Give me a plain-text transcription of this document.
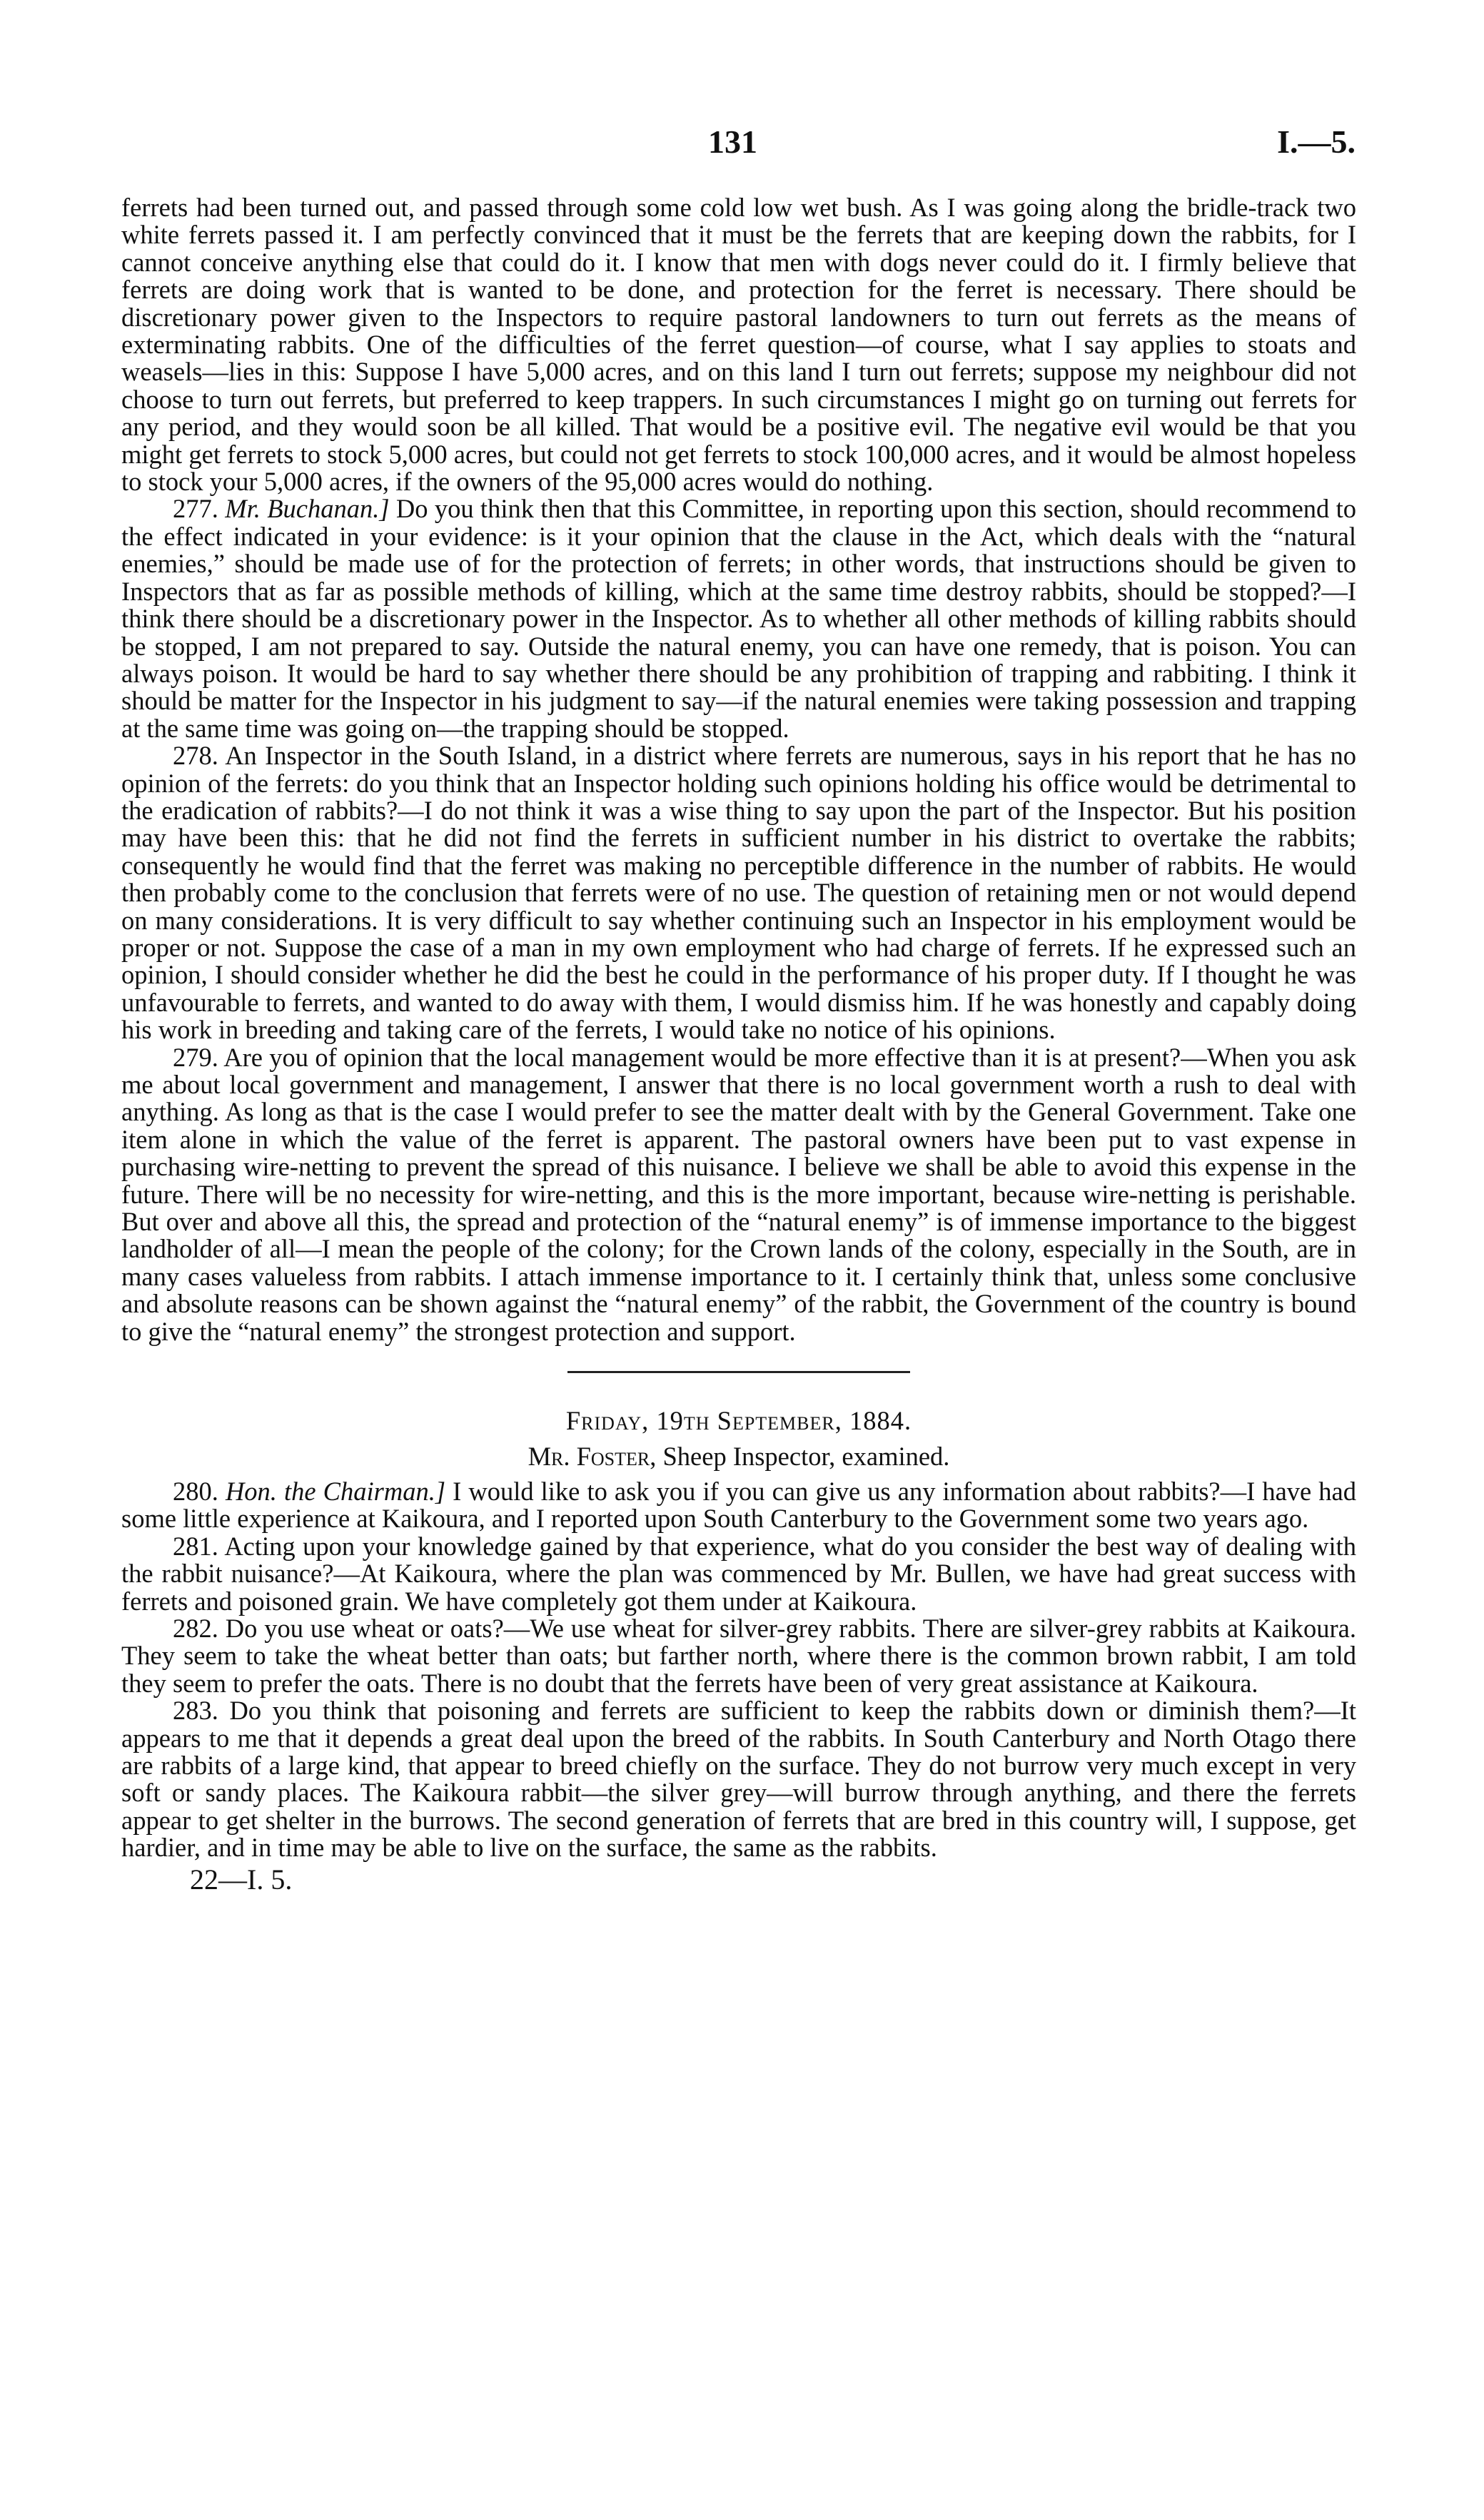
131	I.—5.

ferrets had been turned out, and passed through some cold low wet bush. As I was going along the bridle-track two white ferrets passed it. I am perfectly convinced that it must be the ferrets that are keeping down the rabbits, for I cannot conceive anything else that could do it. I know that men with dogs never could do it. I firmly believe that ferrets are doing work that is wanted to be done, and protection for the ferret is necessary. There should be discretionary power given to the Inspectors to require pastoral landowners to turn out ferrets as the means of exterminating rabbits. One of the difficulties of the ferret question—of course, what I say applies to stoats and weasels—lies in this: Suppose I have 5,000 acres, and on this land I turn out ferrets; suppose my neighbour did not choose to turn out ferrets, but preferred to keep trappers. In such circumstances I might go on turning out ferrets for any period, and they would soon be all killed. That would be a positive evil. The negative evil would be that you might get ferrets to stock 5,000 acres, but could not get ferrets to stock 100,000 acres, and it would be almost hopeless to stock your 5,000 acres, if the owners of the 95,000 acres would do nothing.

277. Mr. Buchanan.] Do you think then that this Committee, in reporting upon this section, should recommend to the effect indicated in your evidence: is it your opinion that the clause in the Act, which deals with the “natural enemies,” should be made use of for the protection of ferrets; in other words, that instructions should be given to Inspectors that as far as possible methods of killing, which at the same time destroy rabbits, should be stopped?—I think there should be a discretionary power in the Inspector. As to whether all other methods of killing rabbits should be stopped, I am not prepared to say. Outside the natural enemy, you can have one remedy, that is poison. You can always poison. It would be hard to say whether there should be any prohibition of trapping and rabbiting. I think it should be matter for the Inspector in his judgment to say—if the natural enemies were taking possession and trapping at the same time was going on—the trapping should be stopped.

278. An Inspector in the South Island, in a district where ferrets are numerous, says in his report that he has no opinion of the ferrets: do you think that an Inspector holding such opinions holding his office would be detrimental to the eradication of rabbits?—I do not think it was a wise thing to say upon the part of the Inspector. But his position may have been this: that he did not find the ferrets in sufficient number in his district to overtake the rabbits; consequently he would find that the ferret was making no perceptible difference in the number of rabbits. He would then probably come to the conclusion that ferrets were of no use. The question of retaining men or not would depend on many considerations. It is very difficult to say whether continuing such an Inspector in his employment would be proper or not. Suppose the case of a man in my own employment who had charge of ferrets. If he expressed such an opinion, I should consider whether he did the best he could in the performance of his proper duty. If I thought he was unfavourable to ferrets, and wanted to do away with them, I would dismiss him. If he was honestly and capably doing his work in breeding and taking care of the ferrets, I would take no notice of his opinions.

279. Are you of opinion that the local management would be more effective than it is at present?—When you ask me about local government and management, I answer that there is no local government worth a rush to deal with anything. As long as that is the case I would prefer to see the matter dealt with by the General Government. Take one item alone in which the value of the ferret is apparent. The pastoral owners have been put to vast expense in purchasing wire-netting to prevent the spread of this nuisance. I believe we shall be able to avoid this expense in the future. There will be no necessity for wire-netting, and this is the more important, because wire-netting is perishable. But over and above all this, the spread and protection of the “natural enemy” is of immense importance to the biggest landholder of all—I mean the people of the colony; for the Crown lands of the colony, especially in the South, are in many cases valueless from rabbits. I attach immense importance to it. I certainly think that, unless some conclusive and absolute reasons can be shown against the “natural enemy” of the rabbit, the Government of the country is bound to give the “natural enemy” the strongest protection and support.

Friday, 19th September, 1884.

Mr. Foster, Sheep Inspector, examined.

280. Hon. the Chairman.] I would like to ask you if you can give us any information about rabbits?—I have had some little experience at Kaikoura, and I reported upon South Canterbury to the Government some two years ago.

281. Acting upon your knowledge gained by that experience, what do you consider the best way of dealing with the rabbit nuisance?—At Kaikoura, where the plan was commenced by Mr. Bullen, we have had great success with ferrets and poisoned grain. We have completely got them under at Kaikoura.

282. Do you use wheat or oats?—We use wheat for silver-grey rabbits. There are silver-grey rabbits at Kaikoura. They seem to take the wheat better than oats; but farther north, where there is the common brown rabbit, I am told they seem to prefer the oats. There is no doubt that the ferrets have been of very great assistance at Kaikoura.

283. Do you think that poisoning and ferrets are sufficient to keep the rabbits down or diminish them?—It appears to me that it depends a great deal upon the breed of the rabbits. In South Canterbury and North Otago there are rabbits of a large kind, that appear to breed chiefly on the surface. They do not burrow very much except in very soft or sandy places. The Kaikoura rabbit—the silver grey—will burrow through anything, and there the ferrets appear to get shelter in the burrows. The second generation of ferrets that are bred in this country will, I suppose, get hardier, and in time may be able to live on the surface, the same as the rabbits.

22—I. 5.
